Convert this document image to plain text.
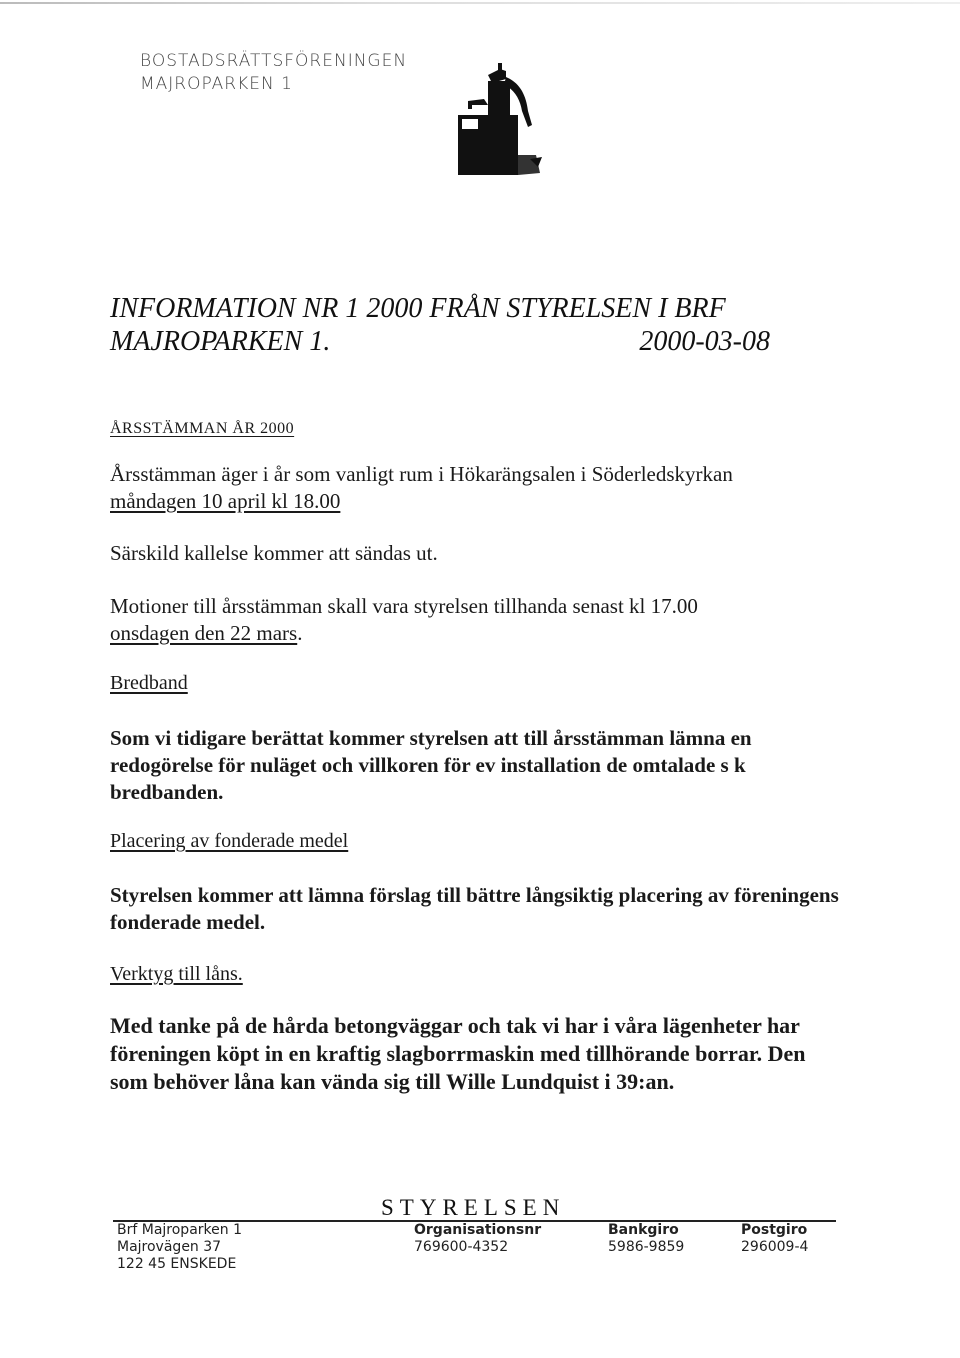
BOSTADSRÄTTSFÖRENINGEN
MAJROPARKEN 1
INFORMATION NR 1 2000 FRÅN STYRELSEN I BRF
MAJROPARKEN 1.	2000-03-08
ÅRSSTÄMMAN ÅR 2000
Årsstämman äger i år som vanligt rum i Hökarängsalen i Söderledskyrkan
måndagen 10 april kl 18.00
Särskild kallelse kommer att sändas ut.
Motioner till årsstämman skall vara styrelsen tillhanda senast kl 17.00
onsdagen den 22 mars.
Bredband
Som vi tidigare berättat kommer styrelsen att till årsstämman lämna en redogörelse för nuläget och villkoren för ev installation de omtalade s k bredbanden.
Placering av fonderade medel
Styrelsen kommer att lämna förslag till bättre långsiktig placering av föreningens fonderade medel.
Verktyg till låns.
Med tanke på de hårda betongväggar och tak vi har i våra lägenheter har föreningen köpt in en kraftig slagborrmaskin med tillhörande borrar. Den som behöver låna kan vända sig till Wille Lundquist i 39:an.
STYRELSEN
Brf Majroparken 1
Majrovägen 37
122 45 ENSKEDE
Organisationsnr
769600-4352
Bankgiro
5986-9859
Postgiro
296009-4
